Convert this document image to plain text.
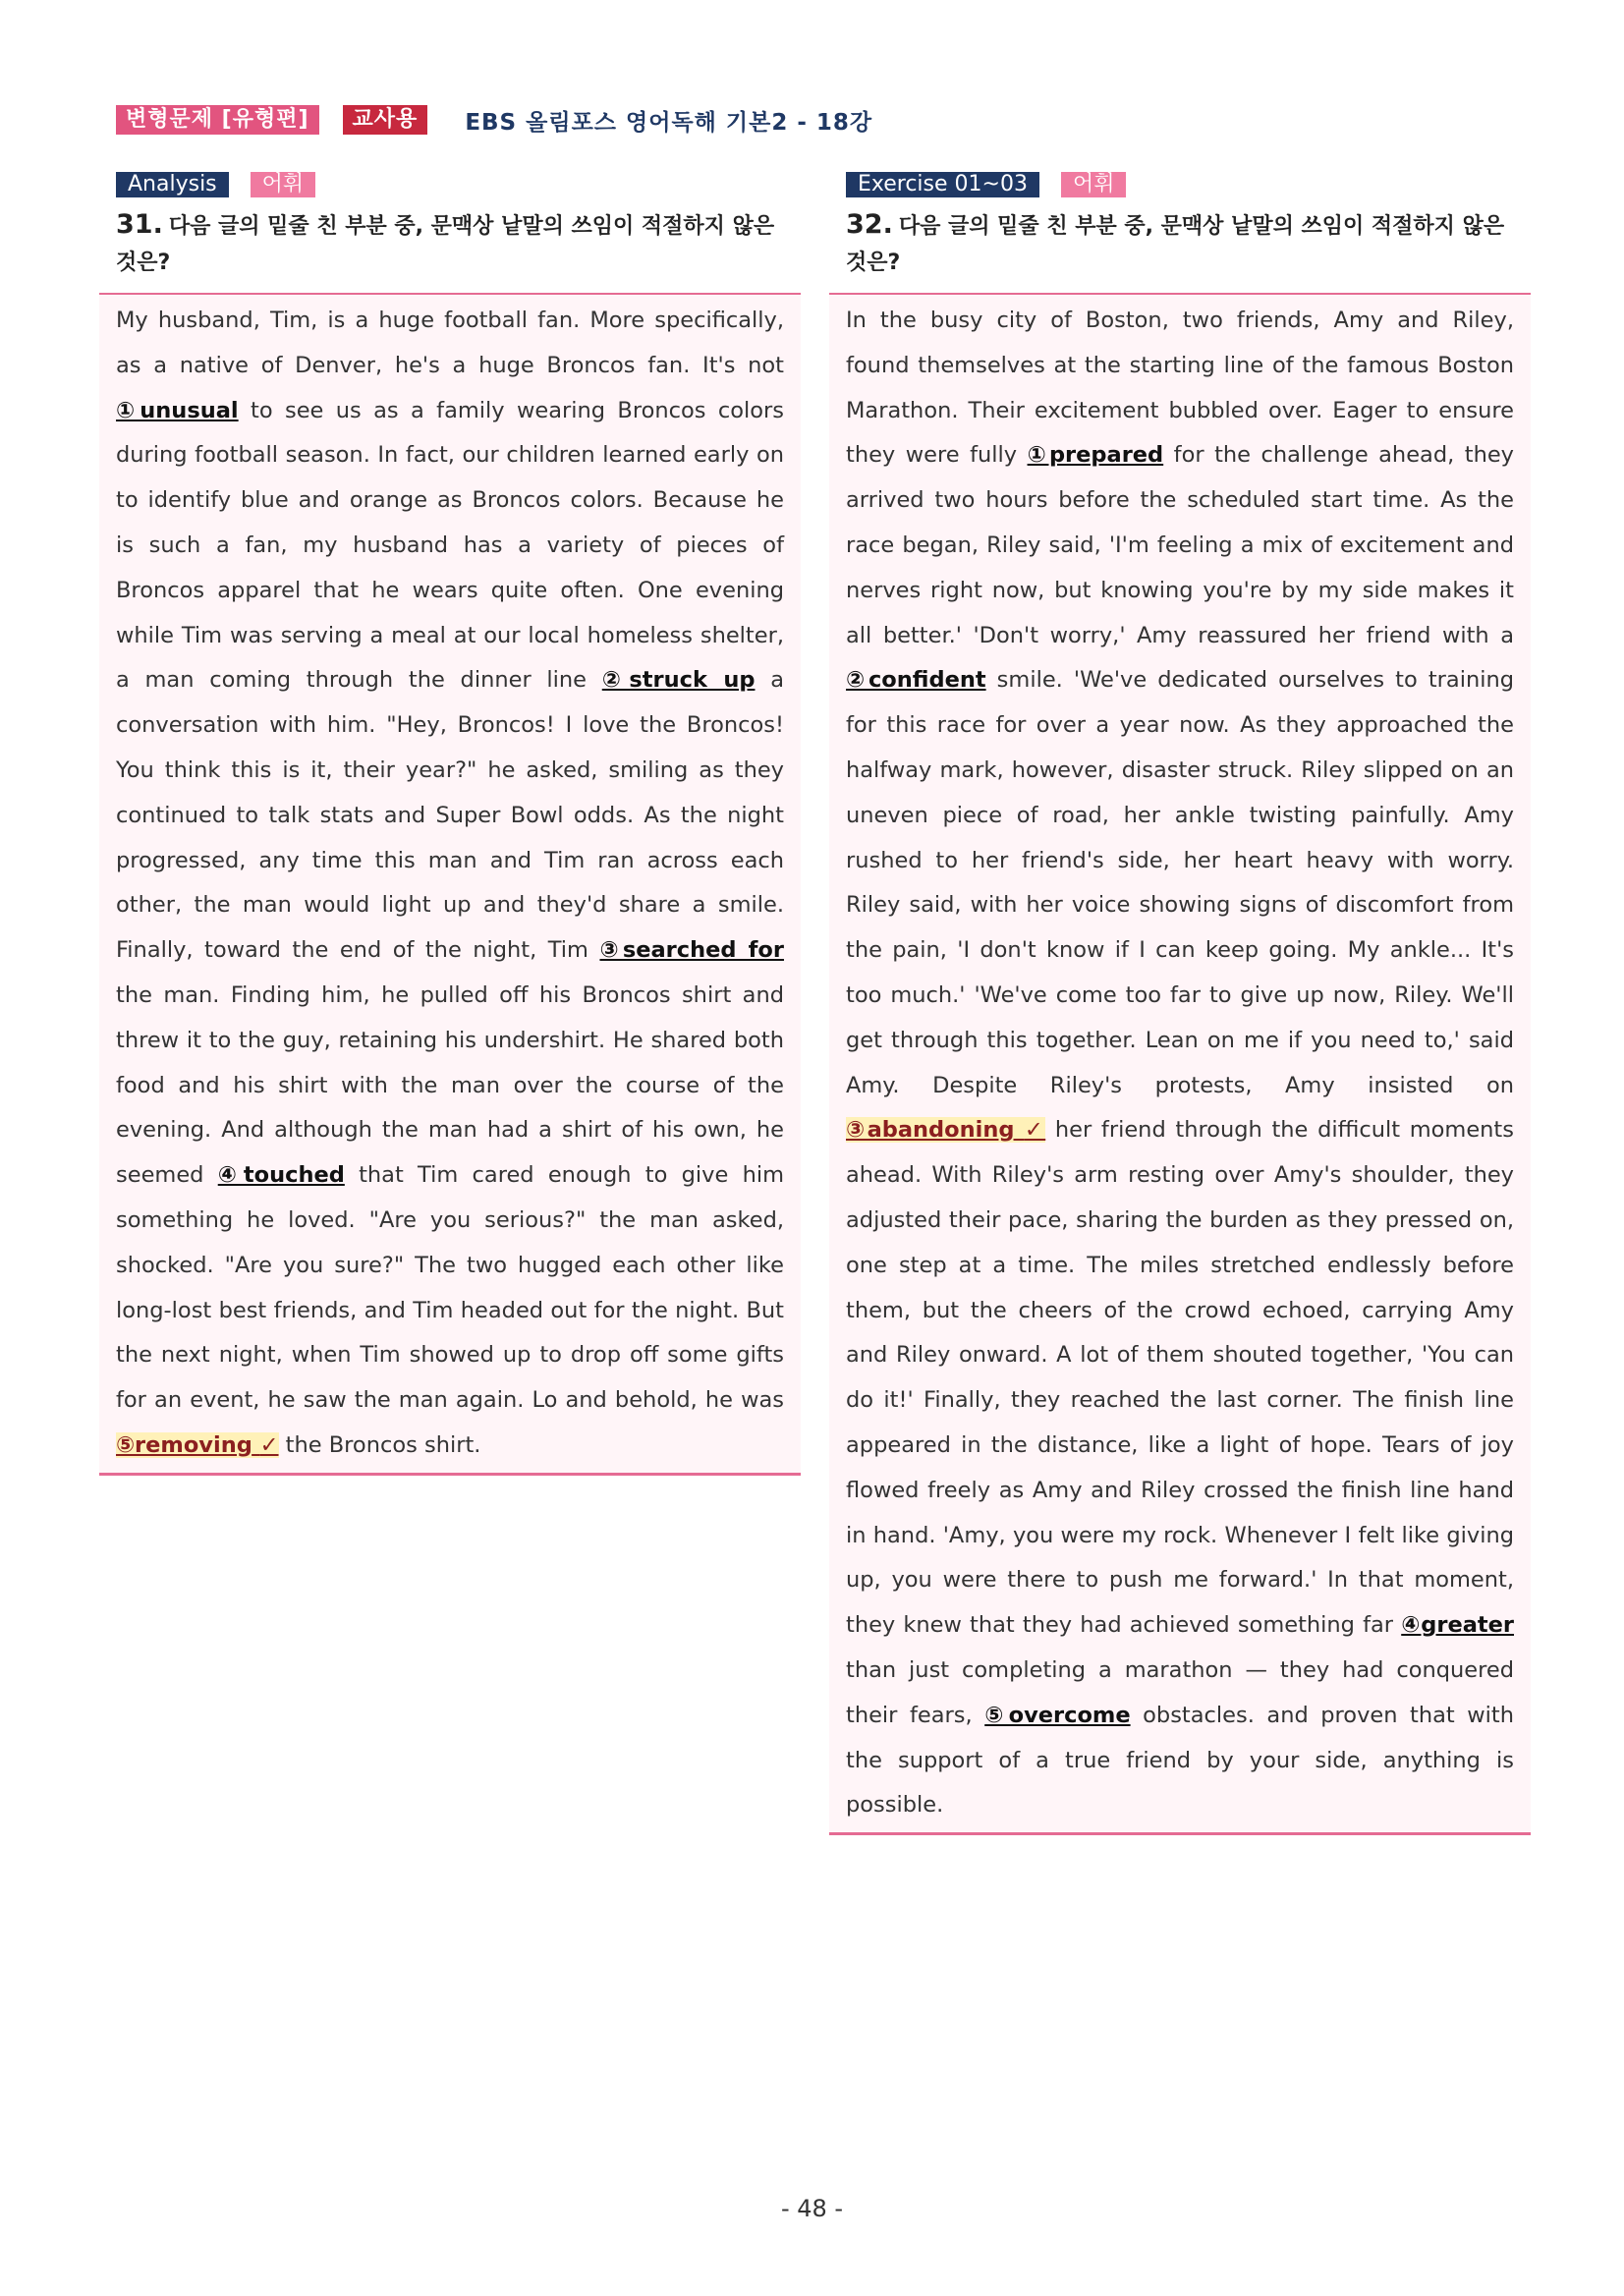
변형문제 [유형편]	교사용	EBS 올림포스 영어독해 기본2 - 18강
Analysis	어휘
31. 다음 글의 밑줄 친 부분 중, 문맥상 낱말의 쓰임이 적절하지 않은 것은?
My husband, Tim, is a huge football fan. More specifically, as a native of Denver, he's a huge Broncos fan. It's not ①unusual to see us as a family wearing Broncos colors during football season. In fact, our children learned early on to identify blue and orange as Broncos colors. Because he is such a fan, my husband has a variety of pieces of Broncos apparel that he wears quite often. One evening while Tim was serving a meal at our local homeless shelter, a man coming through the dinner line ②struck up a conversation with him. "Hey, Broncos! I love the Broncos! You think this is it, their year?" he asked, smiling as they continued to talk stats and Super Bowl odds. As the night progressed, any time this man and Tim ran across each other, the man would light up and they'd share a smile. Finally, toward the end of the night, Tim ③searched for the man. Finding him, he pulled off his Broncos shirt and threw it to the guy, retaining his undershirt. He shared both food and his shirt with the man over the course of the evening. And although the man had a shirt of his own, he seemed ④touched that Tim cared enough to give him something he loved. "Are you serious?" the man asked, shocked. "Are you sure?" The two hugged each other like long-lost best friends, and Tim headed out for the night. But the next night, when Tim showed up to drop off some gifts for an event, he saw the man again. Lo and behold, he was ⑤removing ✓ the Broncos shirt.
Exercise 01~03	어휘
32. 다음 글의 밑줄 친 부분 중, 문맥상 낱말의 쓰임이 적절하지 않은 것은?
In the busy city of Boston, two friends, Amy and Riley, found themselves at the starting line of the famous Boston Marathon. Their excitement bubbled over. Eager to ensure they were fully ①prepared for the challenge ahead, they arrived two hours before the scheduled start time. As the race began, Riley said, 'I'm feeling a mix of excitement and nerves right now, but knowing you're by my side makes it all better.' 'Don't worry,' Amy reassured her friend with a ②confident smile. 'We've dedicated ourselves to training for this race for over a year now. As they approached the halfway mark, however, disaster struck. Riley slipped on an uneven piece of road, her ankle twisting painfully. Amy rushed to her friend's side, her heart heavy with worry. Riley said, with her voice showing signs of discomfort from the pain, 'I don't know if I can keep going. My ankle... It's too much.' 'We've come too far to give up now, Riley. We'll get through this together. Lean on me if you need to,' said Amy. Despite Riley's protests, Amy insisted on ③abandoning ✓ her friend through the difficult moments ahead. With Riley's arm resting over Amy's shoulder, they adjusted their pace, sharing the burden as they pressed on, one step at a time. The miles stretched endlessly before them, but the cheers of the crowd echoed, carrying Amy and Riley onward. A lot of them shouted together, 'You can do it!' Finally, they reached the last corner. The finish line appeared in the distance, like a light of hope. Tears of joy flowed freely as Amy and Riley crossed the finish line hand in hand. 'Amy, you were my rock. Whenever I felt like giving up, you were there to push me forward.' In that moment, they knew that they had achieved something far ④greater than just completing a marathon — they had conquered their fears, ⑤overcome obstacles. and proven that with the support of a true friend by your side, anything is possible.
- 48 -
